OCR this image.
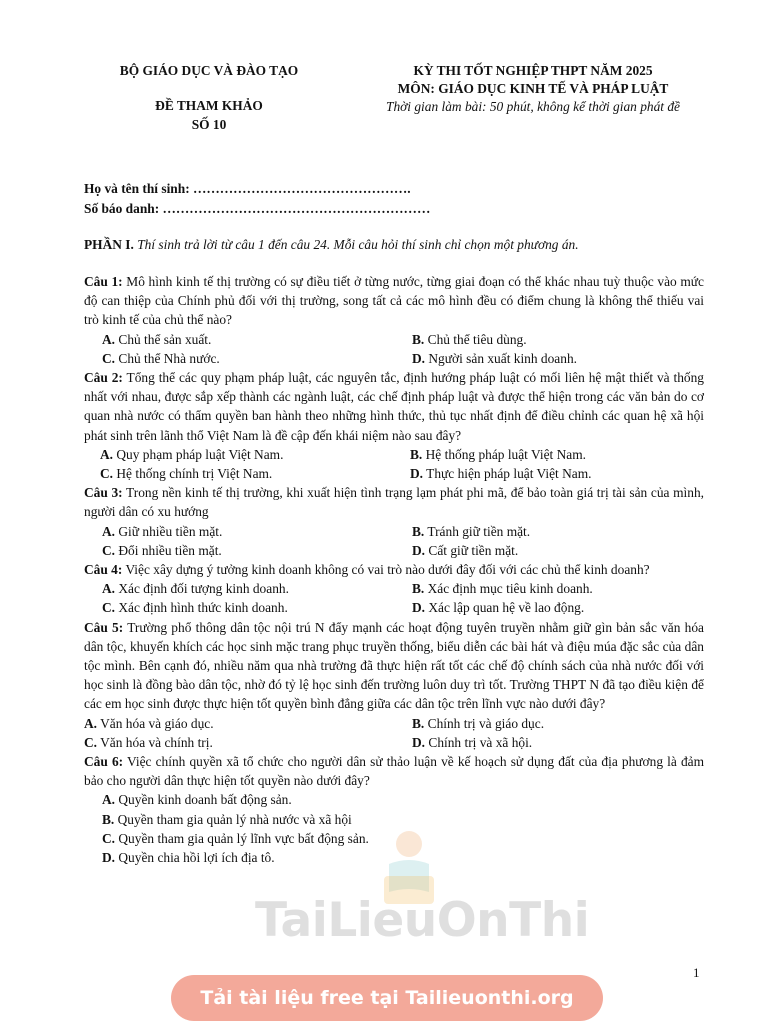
BỘ GIÁO DỤC VÀ ĐÀO TẠO
ĐỀ THAM KHẢO
SỐ 10
KỲ THI TỐT NGHIỆP THPT NĂM 2025
MÔN: GIÁO DỤC KINH TẾ VÀ PHÁP LUẬT
Thời gian làm bài: 50 phút, không kể thời gian phát đề
Họ và tên thí sinh: ………………………………………….
Số báo danh: ……………………………………………………
PHẦN I. Thí sinh trả lời từ câu 1 đến câu 24. Mỗi câu hỏi thí sinh chỉ chọn một phương án.
Câu 1: Mô hình kinh tế thị trường có sự điều tiết ở từng nước, từng giai đoạn có thể khác nhau tuỳ thuộc vào mức độ can thiệp của Chính phủ đối với thị trường, song tất cả các mô hình đều có điểm chung là không thể thiếu vai trò kinh tế của chủ thể nào?
A. Chủ thể sản xuất.	B. Chủ thể tiêu dùng.
C. Chủ thể Nhà nước.	D. Người sản xuất kinh doanh.
Câu 2: Tổng thể các quy phạm pháp luật, các nguyên tắc, định hướng pháp luật có mối liên hệ mật thiết và thống nhất với nhau, được sắp xếp thành các ngành luật, các chế định pháp luật và được thể hiện trong các văn bản do cơ quan nhà nước có thẩm quyền ban hành theo những hình thức, thủ tục nhất định để điều chỉnh các quan hệ xã hội phát sinh trên lãnh thổ Việt Nam là đề cập đến khái niệm nào sau đây?
A. Quy phạm pháp luật Việt Nam.	B. Hệ thống pháp luật Việt Nam.
C. Hệ thống chính trị Việt Nam.	D. Thực hiện pháp luật Việt Nam.
Câu 3: Trong nền kinh tế thị trường, khi xuất hiện tình trạng lạm phát phi mã, để bảo toàn giá trị tài sản của mình, người dân có xu hướng
A. Giữ nhiều tiền mặt.	B. Tránh giữ tiền mặt.
C. Đổi nhiều tiền mặt.	D. Cất giữ tiền mặt.
Câu 4: Việc xây dựng ý tưởng kinh doanh không có vai trò nào dưới đây đối với các chủ thể kinh doanh?
A. Xác định đối tượng kinh doanh.	B. Xác định mục tiêu kinh doanh.
C. Xác định hình thức kinh doanh.	D. Xác lập quan hệ về lao động.
Câu 5: Trường phổ thông dân tộc nội trú N đẩy mạnh các hoạt động tuyên truyền nhằm giữ gìn bản sắc văn hóa dân tộc, khuyến khích các học sinh mặc trang phục truyền thống, biểu diễn các bài hát và điệu múa đặc sắc của dân tộc mình. Bên cạnh đó, nhiều năm qua nhà trường đã thực hiện rất tốt các chế độ chính sách của nhà nước đối với học sinh là đồng bào dân tộc, nhờ đó tỷ lệ học sinh đến trường luôn duy trì tốt. Trường THPT N đã tạo điều kiện để các em học sinh được thực hiện tốt quyền bình đẳng giữa các dân tộc trên lĩnh vực nào dưới đây?
A. Văn hóa và giáo dục.	B. Chính trị và giáo dục.
C. Văn hóa và chính trị.	D. Chính trị và xã hội.
Câu 6: Việc chính quyền xã tổ chức cho người dân sử thảo luận về kế hoạch sử dụng đất của địa phương là đảm bảo cho người dân thực hiện tốt quyền nào dưới đây?
A. Quyền kinh doanh bất động sản.
B. Quyền tham gia quản lý nhà nước và xã hội
C. Quyền tham gia quản lý lĩnh vực bất động sản.
D. Quyền chia hồi lợi ích địa tô.
TaiLieuOnThi
1
Tải tài liệu free tại Tailieuonthi.org
